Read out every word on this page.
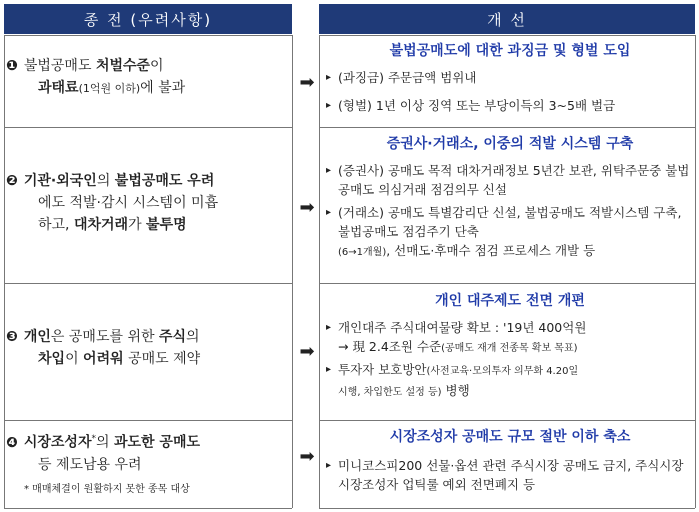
종 전 (우려사항)	개 선
❶ 불법공매도 처벌수준이
과태료(1억원 이하)에 불과	➡
불법공매도에 대한 과징금 및 형벌 도입
▸ (과징금) 주문금액 범위내
▸ (형벌) 1년 이상 징역 또는 부당이득의 3~5배 벌금
❷ 기관·외국인의 불법공매도 우려
에도 적발·감시 시스템이 미흡
하고, 대차거래가 불투명
➡
증권사·거래소, 이중의 적발 시스템 구축
▸ (증권사) 공매도 목적 대차거래정보 5년간 보관, 위탁주문중 불법공매도 의심거래 점검의무 신설
▸ (거래소) 공매도 특별감리단 신설, 불법공매도 적발시스템 구축, 불법공매도 점검주기 단축
(6→1개월), 선매도·후매수 점검 프로세스 개발 등
❸ 개인은 공매도를 위한 주식의
차입이 어려워 공매도 제약	➡
개인 대주제도 전면 개편
▸ 개인대주 주식대여물량 확보 : '19년 400억원
→ 現 2.4조원 수준(공매도 재개 전종목 확보 목표)
▸ 투자자 보호방안(사전교육·모의투자 의무화 4.20일
시행, 차입한도 설정 등) 병행
❹ 시장조성자*의 과도한 공매도
등 제도남용 우려
* 매매체결이 원활하지 못한 종목 대상
➡
시장조성자 공매도 규모 절반 이하 축소
▸ 미니코스피200 선물·옵션 관련 주식시장 공매도 금지, 주식시장 시장조성자 업틱룰 예외 전면폐지 등
